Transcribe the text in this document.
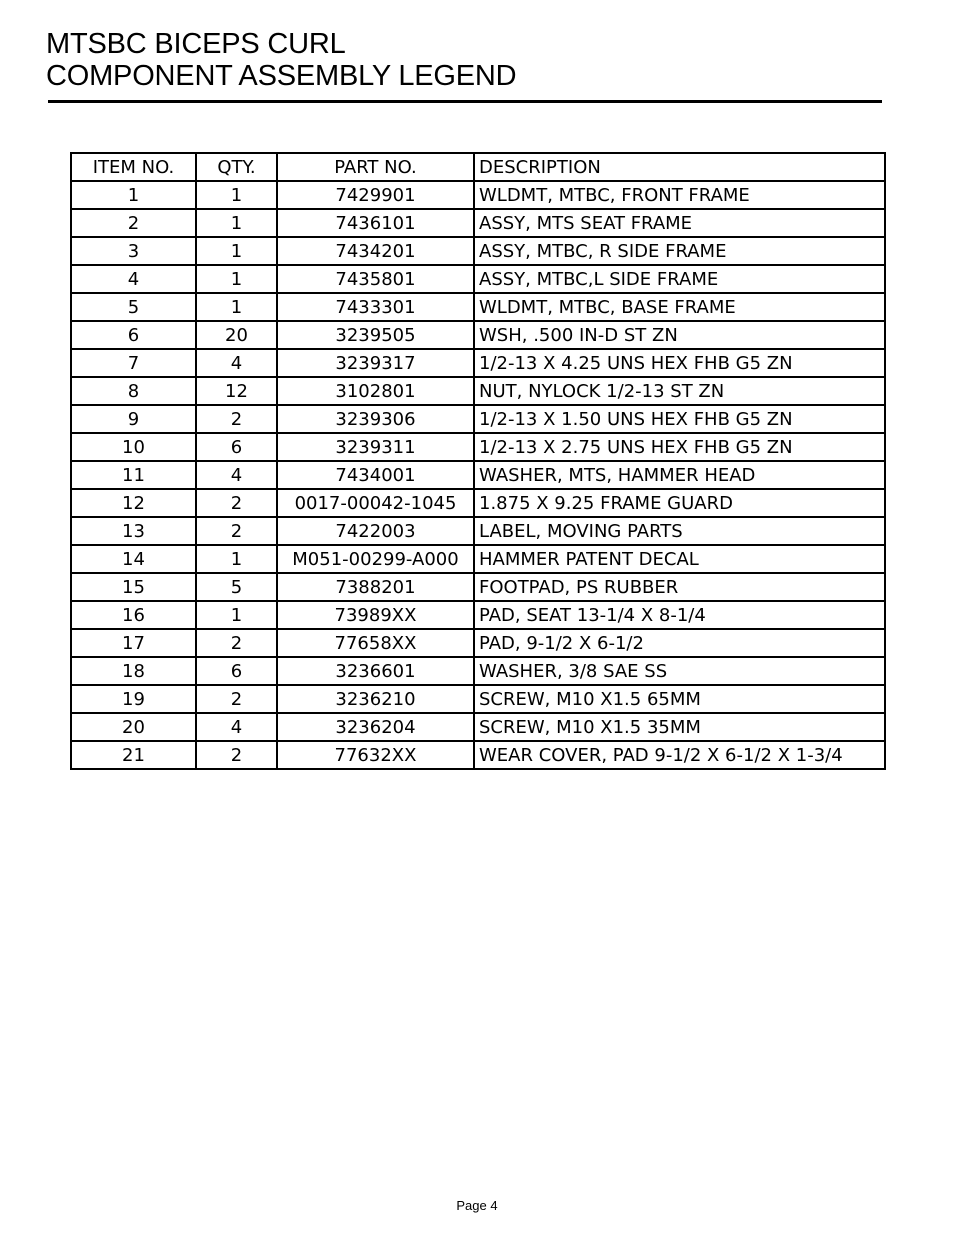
MTSBC BICEPS CURL
COMPONENT ASSEMBLY LEGEND
ITEM NO.	QTY.	PART NO.	DESCRIPTION
1	1	7429901	WLDMT, MTBC, FRONT FRAME
2	1	7436101	ASSY, MTS SEAT FRAME
3	1	7434201	ASSY, MTBC, R SIDE FRAME
4	1	7435801	ASSY, MTBC,L SIDE FRAME
5	1	7433301	WLDMT, MTBC, BASE FRAME
6	20	3239505	WSH, .500 IN-D ST ZN
7	4	3239317	1/2-13 X 4.25 UNS HEX FHB G5 ZN
8	12	3102801	NUT, NYLOCK 1/2-13 ST ZN
9	2	3239306	1/2-13 X 1.50 UNS HEX FHB G5 ZN
10	6	3239311	1/2-13 X 2.75 UNS HEX FHB G5 ZN
11	4	7434001	WASHER, MTS, HAMMER HEAD
12	2	0017-00042-1045	1.875 X 9.25 FRAME GUARD
13	2	7422003	LABEL, MOVING PARTS
14	1	M051-00299-A000	HAMMER PATENT DECAL
15	5	7388201	FOOTPAD, PS RUBBER
16	1	73989XX	PAD, SEAT 13-1/4 X 8-1/4
17	2	77658XX	PAD, 9-1/2 X 6-1/2
18	6	3236601	WASHER, 3/8 SAE SS
19	2	3236210	SCREW, M10 X1.5 65MM
20	4	3236204	SCREW, M10 X1.5 35MM
21	2	77632XX	WEAR COVER, PAD 9-1/2 X 6-1/2 X 1-3/4
Page 4
